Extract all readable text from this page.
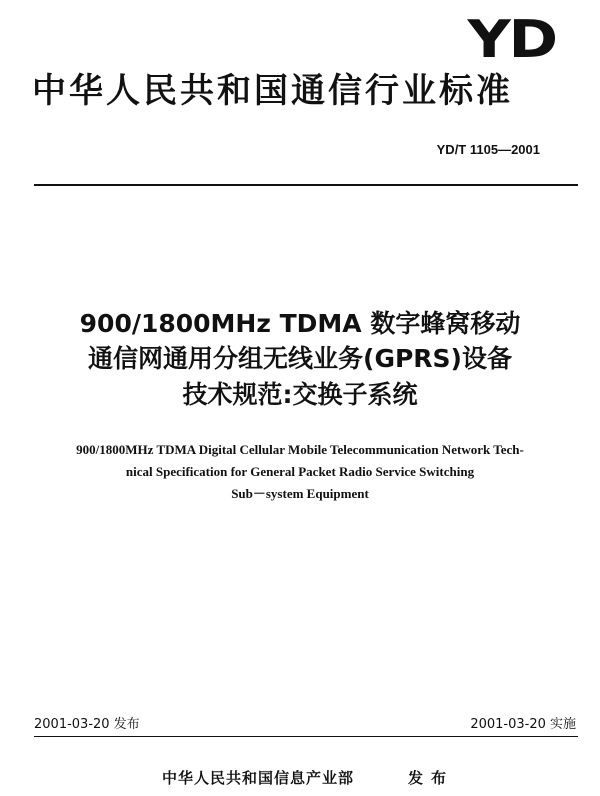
YD
中华人民共和国通信行业标准
YD/T 1105—2001
900/1800MHz TDMA 数字蜂窝移动
通信网通用分组无线业务(GPRS)设备
技术规范:交换子系统
900/1800MHz TDMA Digital Cellular Mobile Telecommunication Network Tech-
nical Specification for General Packet Radio Service Switching
Sub－system Equipment
2001-03-20 发布	2001-03-20 实施
中华人民共和国信息产业部	发布
